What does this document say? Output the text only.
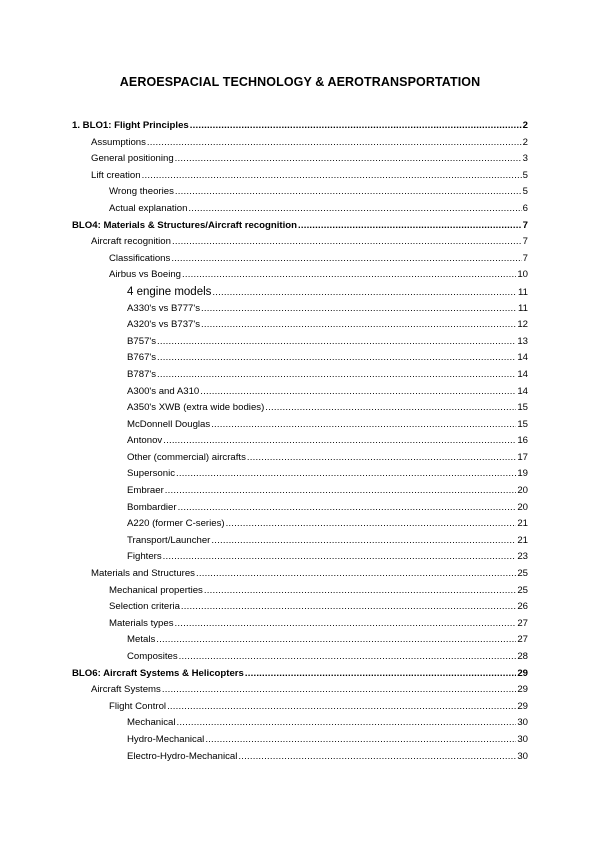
AEROESPACIAL TECHNOLOGY & AEROTRANSPORTATION
1. BLO1: Flight Principles .....	2
Assumptions .....	2
General positioning .....	3
Lift creation .....	5
Wrong theories .....	5
Actual explanation .....	6
BLO4: Materials & Structures/Aircraft recognition .....	7
Aircraft recognition .....	7
Classifications .....	7
Airbus vs Boeing .....	10
4 engine models .....	11
A330's vs B777's .....	11
A320's vs B737's .....	12
B757's .....	13
B767's .....	14
B787's .....	14
A300's and A310 .....	14
A350's XWB (extra wide bodies) .....	15
McDonnell Douglas .....	15
Antonov .....	16
Other (commercial) aircrafts .....	17
Supersonic .....	19
Embraer .....	20
Bombardier .....	20
A220 (former C-series) .....	21
Transport/Launcher .....	21
Fighters .....	23
Materials and Structures .....	25
Mechanical properties .....	25
Selection criteria .....	26
Materials types .....	27
Metals .....	27
Composites .....	28
BLO6: Aircraft Systems & Helicopters .....	29
Aircraft Systems .....	29
Flight Control .....	29
Mechanical .....	30
Hydro-Mechanical .....	30
Electro-Hydro-Mechanical .....	30
